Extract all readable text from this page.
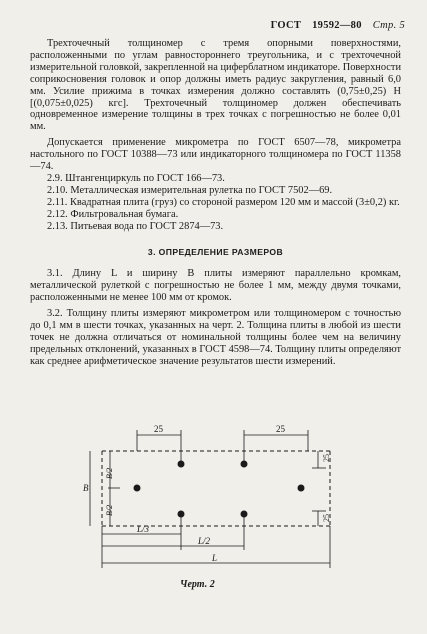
ГОСТ 19592—80 Стр. 5

Трехточечный толщиномер с тремя опорными поверхностями, расположенными по углам равностороннего треугольника, и с трехточечной измерительной головкой, закрепленной на циферблатном индикаторе. Поверхности соприкосновения головок и опор должны иметь радиус закругления, равный 6,0 мм. Усилие прижима в точках измерения должно составлять (0,75±0,25) Н [(0,075±0,025) кгс]. Трехточечный толщиномер должен обеспечивать одновременное измерение толщины в трех точках с погрешностью не более 0,01 мм.

Допускается применение микрометра по ГОСТ 6507—78, микрометра настольного по ГОСТ 10388—73 или индикаторного толщиномера по ГОСТ 11358—74.

2.9. Штангенциркуль по ГОСТ 166—73.

2.10. Металлическая измерительная рулетка по ГОСТ 7502—69.

2.11. Квадратная плита (груз) со стороной размером 120 мм и массой (3±0,2) кг.

2.12. Фильтровальная бумага.

2.13. Питьевая вода по ГОСТ 2874—73.

3. ОПРЕДЕЛЕНИЕ РАЗМЕРОВ

3.1. Длину L и ширину B плиты измеряют параллельно кромкам, металлической рулеткой с погрешностью не более 1 мм, между двумя точками, расположенными не менее 100 мм от кромок.

3.2. Толщину плиты измеряют микрометром или толщиномером с точностью до 0,1 мм в шести точках, указанных на черт. 2. Толщина плиты в любой из шести точек не должна отличаться от номинальной толщины более чем на величину предельных отклонений, указанных в ГОСТ 4598—74. Толщину плиты определяют как среднее арифметическое значение результатов шести измерений.

25	25
B
B/2
B/2
25
25
L/3
L/2
L
Черт. 2
